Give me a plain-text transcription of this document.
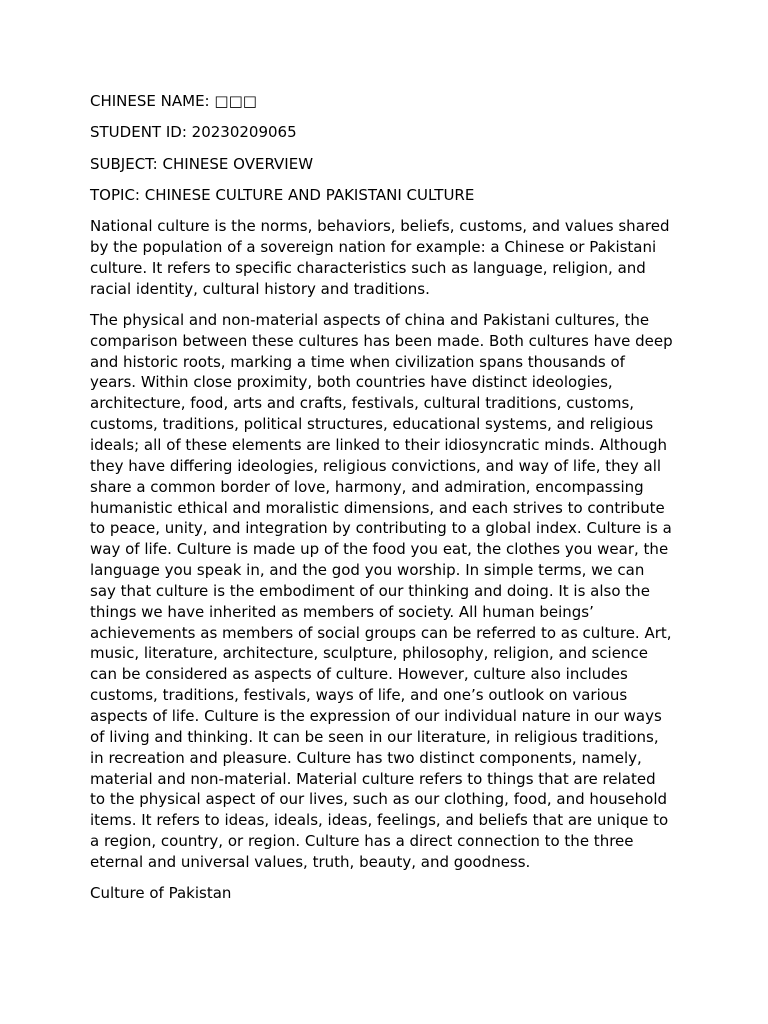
CHINESE NAME: □□□

STUDENT ID: 20230209065

SUBJECT: CHINESE OVERVIEW

TOPIC: CHINESE CULTURE AND PAKISTANI CULTURE

National culture is the norms, behaviors, beliefs, customs, and values shared
by the population of a sovereign nation for example: a Chinese or Pakistani
culture. It refers to specific characteristics such as language, religion, and
racial identity, cultural history and traditions.

The physical and non-material aspects of china and Pakistani cultures, the
comparison between these cultures has been made. Both cultures have deep
and historic roots, marking a time when civilization spans thousands of
years. Within close proximity, both countries have distinct ideologies,
architecture, food, arts and crafts, festivals, cultural traditions, customs,
customs, traditions, political structures, educational systems, and religious
ideals; all of these elements are linked to their idiosyncratic minds. Although
they have differing ideologies, religious convictions, and way of life, they all
share a common border of love, harmony, and admiration, encompassing
humanistic ethical and moralistic dimensions, and each strives to contribute
to peace, unity, and integration by contributing to a global index. Culture is a
way of life. Culture is made up of the food you eat, the clothes you wear, the
language you speak in, and the god you worship. In simple terms, we can
say that culture is the embodiment of our thinking and doing. It is also the
things we have inherited as members of society. All human beings’
achievements as members of social groups can be referred to as culture. Art,
music, literature, architecture, sculpture, philosophy, religion, and science
can be considered as aspects of culture. However, culture also includes
customs, traditions, festivals, ways of life, and one’s outlook on various
aspects of life. Culture is the expression of our individual nature in our ways
of living and thinking. It can be seen in our literature, in religious traditions,
in recreation and pleasure. Culture has two distinct components, namely,
material and non-material. Material culture refers to things that are related
to the physical aspect of our lives, such as our clothing, food, and household
items. It refers to ideas, ideals, ideas, feelings, and beliefs that are unique to
a region, country, or region. Culture has a direct connection to the three
eternal and universal values, truth, beauty, and goodness.

Culture of Pakistan
